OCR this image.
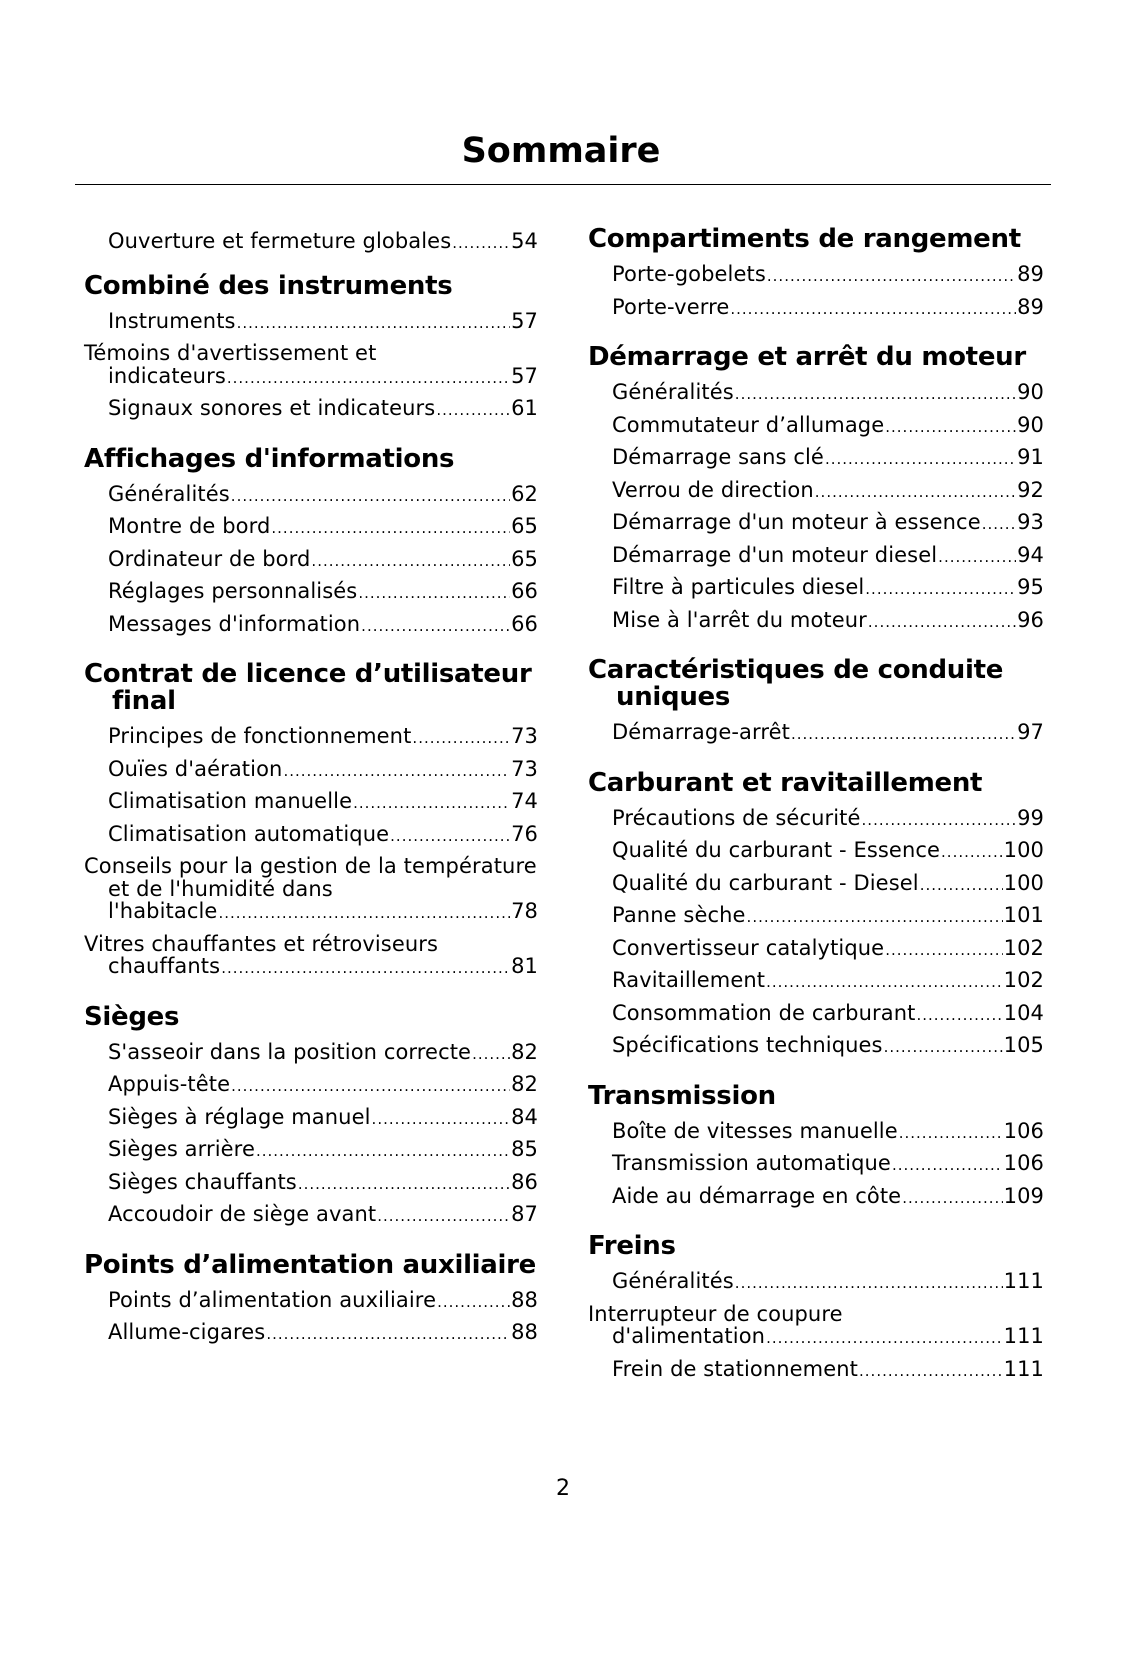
Sommaire
Ouverture et fermeture globales .....	54
Combiné des instruments
Instruments .....	57
Témoins d'avertissement et
indicateurs .....	57
Signaux sonores et indicateurs .....	61
Affichages d'informations
Généralités .....	62
Montre de bord .....	65
Ordinateur de bord .....	65
Réglages personnalisés .....	66
Messages d'information .....	66
Contrat de licence d’utilisateur final
Principes de fonctionnement .....	73
Ouïes d'aération .....	73
Climatisation manuelle .....	74
Climatisation automatique .....	76
Conseils pour la gestion de la température et de l'humidité dans
l'habitacle .....	78
Vitres chauffantes et rétroviseurs
chauffants .....	81
Sièges
S'asseoir dans la position correcte ..... 82
Appuis-tête .....	82
Sièges à réglage manuel .....	84
Sièges arrière .....	85
Sièges chauffants .....	86
Accoudoir de siège avant .....	87
Points d’alimentation auxiliaire
Points d’alimentation auxiliaire .....	88
Allume-cigares .....	88
Compartiments de rangement
Porte-gobelets .....	89
Porte-verre .....	89
Démarrage et arrêt du moteur
Généralités .....	90
Commutateur d’allumage .....	90
Démarrage sans clé .....	91
Verrou de direction .....	92
Démarrage d'un moteur à essence ..... 93
Démarrage d'un moteur diesel .....	94
Filtre à particules diesel .....	95
Mise à l'arrêt du moteur .....	96
Caractéristiques de conduite uniques
Démarrage-arrêt .....	97
Carburant et ravitaillement
Précautions de sécurité .....	99
Qualité du carburant - Essence .....	100
Qualité du carburant - Diesel .....	100
Panne sèche .....	101
Convertisseur catalytique .....	102
Ravitaillement .....	102
Consommation de carburant .....	104
Spécifications techniques .....	105
Transmission
Boîte de vitesses manuelle .....	106
Transmission automatique .....	106
Aide au démarrage en côte .....	109
Freins
Généralités .....	111
Interrupteur de coupure
d'alimentation .....	111
Frein de stationnement .....	111
2
